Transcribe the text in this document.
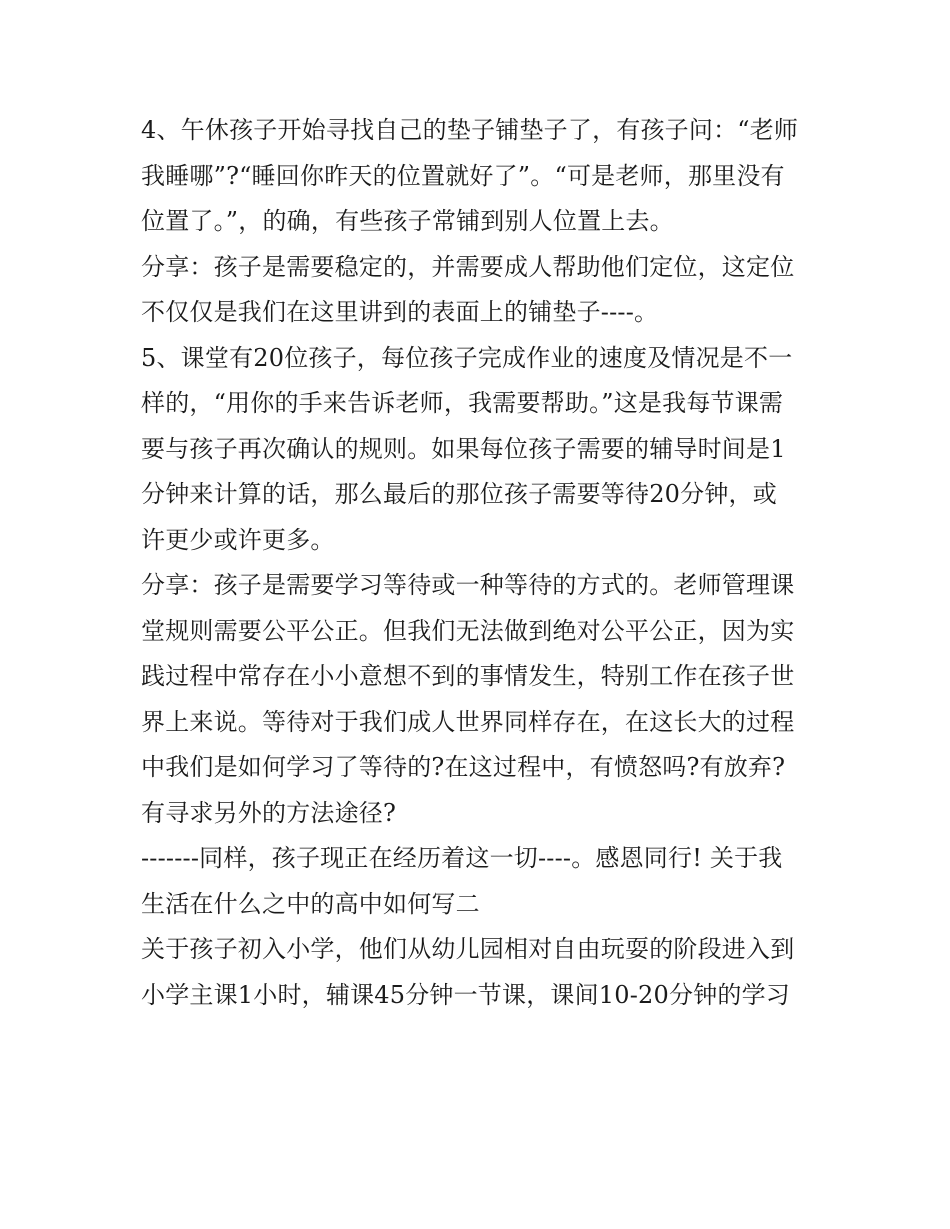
4、午休孩子开始寻找自己的垫子铺垫子了，有孩子问：“老师
我睡哪”?“睡回你昨天的位置就好了”。“可是老师，那里没有
位置了。”，的确，有些孩子常铺到别人位置上去。
分享：孩子是需要稳定的，并需要成人帮助他们定位，这定位
不仅仅是我们在这里讲到的表面上的铺垫子----。
5、课堂有20位孩子，每位孩子完成作业的速度及情况是不一
样的，“用你的手来告诉老师，我需要帮助。”这是我每节课需
要与孩子再次确认的规则。如果每位孩子需要的辅导时间是1
分钟来计算的话，那么最后的那位孩子需要等待20分钟，或
许更少或许更多。
分享：孩子是需要学习等待或一种等待的方式的。老师管理课
堂规则需要公平公正。但我们无法做到绝对公平公正，因为实
践过程中常存在小小意想不到的事情发生，特别工作在孩子世
界上来说。等待对于我们成人世界同样存在，在这长大的过程
中我们是如何学习了等待的?在这过程中，有愤怒吗?有放弃?
有寻求另外的方法途径?
-------同样，孩子现正在经历着这一切----。感恩同行! 关于我
生活在什么之中的高中如何写二
关于孩子初入小学，他们从幼儿园相对自由玩耍的阶段进入到
小学主课1小时，辅课45分钟一节课，课间10-20分钟的学习
